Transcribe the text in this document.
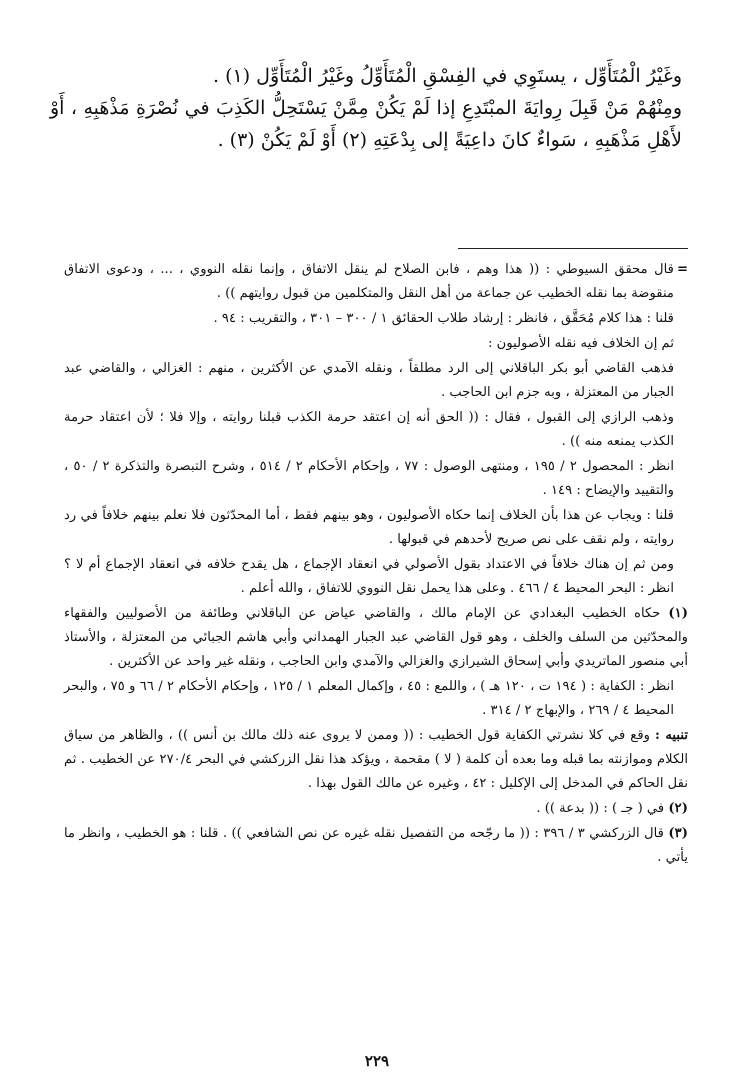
وغَيْرُ الْمُتَأَوِّل ، يستَوِي في الفِسْقِ الْمُتَأَوِّلُ وغَيْرُ الْمُتَأَوِّل (١) .

ومِنْهُمْ مَنْ قَبِلَ رِوايَةَ المبْتَدِعِ إذا لَمْ يَكُنْ مِمَّنْ يَسْتَحِلُّ الكَذِبَ في نُصْرَةِ مَذْهَبِهِ ، أَوْ لأَهْلِ مَذْهَبِهِ ، سَواءٌ كانَ داعِيَةً إلى بِدْعَتِهِ (٢) أَوْ لَمْ يَكُنْ (٣) .

=
قال محقق السيوطي : (( هذا وهم ، فابن الصلاح لم ينقل الاتفاق ، وإنما نقله النووي ، ... ، ودعوى الاتفاق منقوضة بما نقله الخطيب عن جماعة من أهل النقل والمتكلمين من قبول روايتهم )) .

قلنا : هذا كلام مُحَقَّق ، فانظر : إرشاد طلاب الحقائق ١ / ٣٠٠ – ٣٠١ ، والتقريب : ٩٤ .

ثم إن الخلاف فيه نقله الأصوليون :

فذهب القاضي أبو بكر الباقلاني إلى الرد مطلقاً ، ونقله الآمدي عن الأكثرين ، منهم : الغزالي ، والقاضي عبد الجبار من المعتزلة ، وبه جزم ابن الحاجب .

وذهب الرازي إلى القبول ، فقال : (( الحق أنه إن اعتقد حرمة الكذب قبلنا روايته ، وإلا فلا ؛ لأن اعتقاد حرمة الكذب يمنعه منه )) .

انظر : المحصول ٢ / ١٩٥ ، ومنتهى الوصول : ٧٧ ، وإحكام الأحكام ٢ / ٥١٤ ، وشرح التبصرة والتذكرة ٢ / ٥٠ ، والتقييد والإيضاح : ١٤٩ .

قلنا : ويجاب عن هذا بأن الخلاف إنما حكاه الأصوليون ، وهو بينهم فقط ، أما المحدّثون فلا نعلم بينهم خلافاً في رد روايته ، ولم نقف على نص صريح لأحدهم في قبولها .

ومن ثم إن هناك خلافاً في الاعتداد بقول الأصولي في انعقاد الإجماع ، هل يقدح خلافه في انعقاد الإجماع أم لا ؟ انظر : البحر المحيط ٤ / ٤٦٦ . وعلى هذا يحمل نقل النووي للاتفاق ، والله أعلم .

(١) حكاه الخطيب البغدادي عن الإمام مالك ، والقاضي عياض عن الباقلاني وطائفة من الأصوليين والفقهاء والمحدّثين من السلف والخلف ، وهو قول القاضي عبد الجبار الهمداني وأبي هاشم الجبائي من المعتزلة ، والأستاذ أبي منصور الماتريدي وأبي إسحاق الشيرازي والغزالي والآمدي وابن الحاجب ، ونقله غير واحد عن الأكثرين .

انظر : الكفاية : ( ١٩٤ ت ، ١٢٠ هـ ) ، واللمع : ٤٥ ، وإكمال المعلم ١ / ١٢٥ ، وإحكام الأحكام ٢ / ٦٦ و ٧٥ ، والبحر المحيط ٤ / ٢٦٩ ، والإبهاج ٢ / ٣١٤ .

تنبيه : وقع في كلا نشرتي الكفاية قول الخطيب : (( وممن لا يروى عنه ذلك مالك بن أنس )) ، والظاهر من سياق الكلام وموازنته بما قبله وما بعده أن كلمة ( لا ) مقحمة ، ويؤكد هذا نقل الزركشي في البحر ٢٧٠/٤ عن الخطيب . ثم نقل الحاكم في المدخل إلى الإكليل : ٤٢ ، وغيره عن مالك القول بهذا .

(٢) في ( جـ ) : (( بدعة )) .

(٣) قال الزركشي ٣ / ٣٩٦ : (( ما رجّحه من التفصيل نقله غيره عن نص الشافعي )) . قلنا : هو الخطيب ، وانظر ما يأتي .

٢٢٩
